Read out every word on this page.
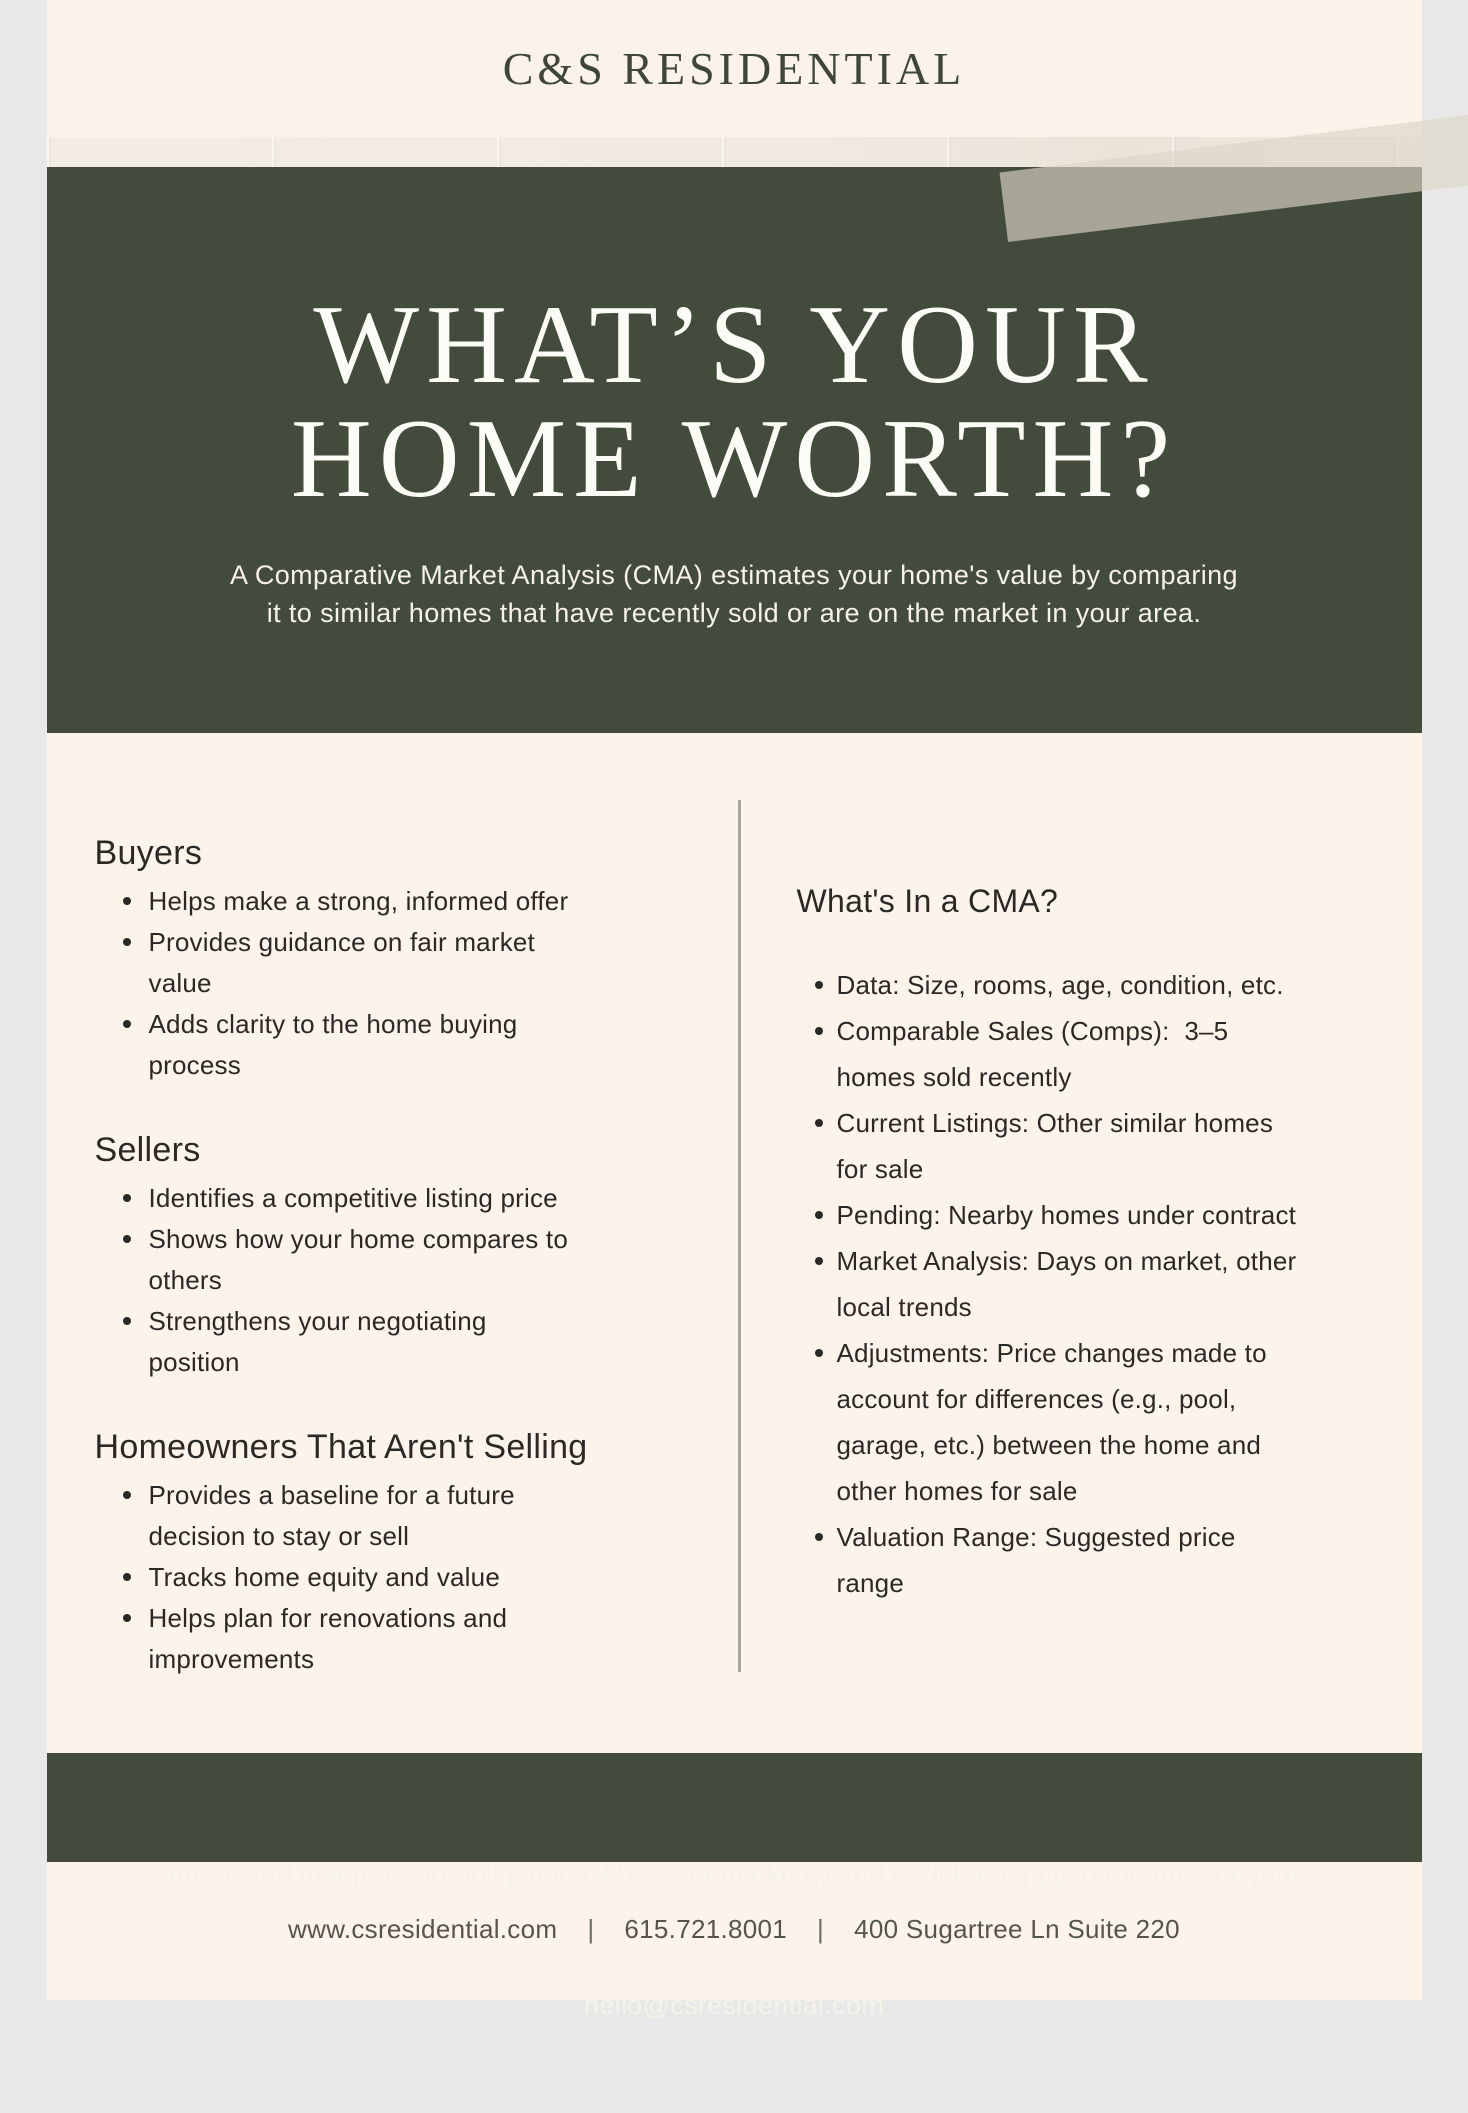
C&S RESIDENTIAL
WHAT’S YOUR
HOME WORTH?
A Comparative Market Analysis (CMA) estimates your home's value by comparing
it to similar homes that have recently sold or are on the market in your area.
Buyers
Helps make a strong, informed offer
Provides guidance on fair market
value
Adds clarity to the home buying
process
Sellers
Identifies a competitive listing price
Shows how your home compares to
others
Strengthens your negotiating
position
Homeowners That Aren't Selling
Provides a baseline for a future
decision to stay or sell
Tracks home equity and value
Helps plan for renovations and
improvements
What's In a CMA?
Data: Size, rooms, age, condition, etc.
Comparable Sales (Comps):  3–5
homes sold recently
Current Listings: Other similar homes
for sale
Pending: Nearby homes under contract
Market Analysis: Days on market, other
local trends
Adjustments: Price changes made to
account for differences (e.g., pool,
garage, etc.) between the home and
other homes for sale
Valuation Range: Suggested price
range

Interested in a free, no-obligation CMA?  Let me know and we'll be happy to run one for you!

hello@csresidential.com

www.csresidential.com | 615.721.8001 | 400 Sugartree Ln Suite 220
